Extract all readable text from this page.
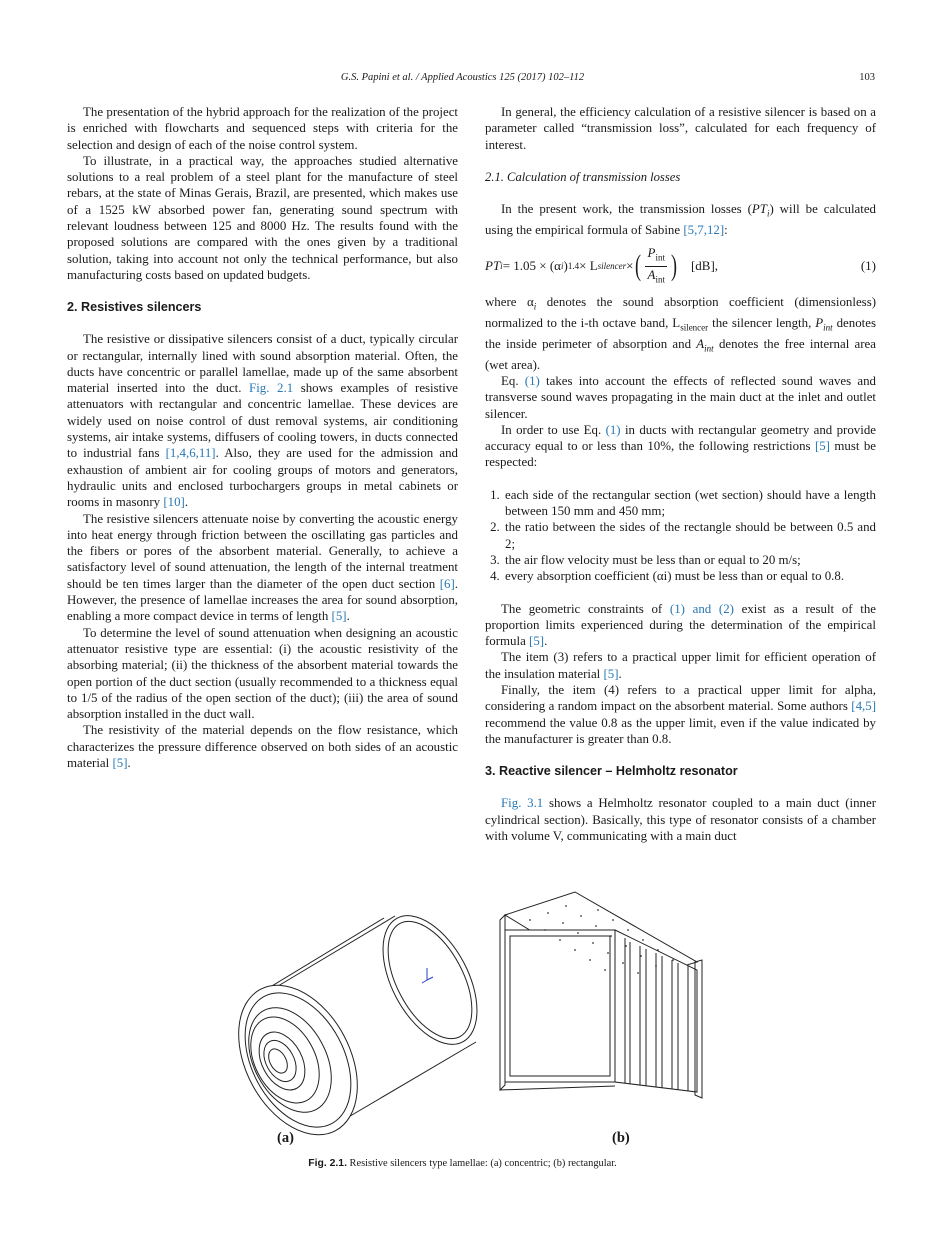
G.S. Papini et al. / Applied Acoustics 125 (2017) 102–112	103

The presentation of the hybrid approach for the realization of the project is enriched with flowcharts and sequenced steps with criteria for the selection and design of each of the noise control system.

To illustrate, in a practical way, the approaches studied alternative solutions to a real problem of a steel plant for the manufacture of steel rebars, at the state of Minas Gerais, Brazil, are presented, which makes use of a 1525 kW absorbed power fan, generating sound spectrum with relevant loudness between 125 and 8000 Hz. The results found with the proposed solutions are compared with the ones given by a traditional solution, taking into account not only the technical performance, but also manufacturing costs based on updated budgets.

2. Resistives silencers

The resistive or dissipative silencers consist of a duct, typically circular or rectangular, internally lined with sound absorption material. Often, the ducts have concentric or parallel lamellae, made up of the same absorbent material inserted into the duct. Fig. 2.1 shows examples of resistive attenuators with rectangular and concentric lamellae. These devices are widely used on noise control of dust removal systems, air conditioning systems, air intake systems, diffusers of cooling towers, in ducts connected to industrial fans [1,4,6,11]. Also, they are used for the admission and exhaustion of ambient air for cooling groups of motors and generators, hydraulic units and enclosed turbochargers groups in metal cabinets or rooms in masonry [10].

The resistive silencers attenuate noise by converting the acoustic energy into heat energy through friction between the oscillating gas particles and the fibers or pores of the absorbent material. Generally, to achieve a satisfactory level of sound attenuation, the length of the internal treatment should be ten times larger than the diameter of the open duct section [6]. However, the presence of lamellae increases the area for sound absorption, enabling a more compact device in terms of length [5].

To determine the level of sound attenuation when designing an acoustic attenuator resistive type are essential: (i) the acoustic resistivity of the absorbing material; (ii) the thickness of the absorbent material towards the open portion of the duct section (usually recommended to a thickness equal to 1/5 of the radius of the open section of the duct); (iii) the area of sound absorption installed in the duct wall.

The resistivity of the material depends on the flow resistance, which characterizes the pressure difference observed on both sides of an acoustic material [5].

In general, the efficiency calculation of a resistive silencer is based on a parameter called “transmission loss”, calculated for each frequency of interest.

2.1. Calculation of transmission losses

In the present work, the transmission losses $(PT_i)$ will be calculated using the empirical formula of Sabine [5,7,12]:

PT i = 1.05 × (α i ) 1.4 × L silencer × ( $\frac{P_{int}}{A_{int}}$ ) [dB],	(1)

where $\alpha_i$ denotes the sound absorption coefficient (dimensionless) normalized to the i-th octave band, $L_{silencer}$ the silencer length, $P_{int}$ denotes the inside perimeter of absorption and $A_{int}$ denotes the free internal area (wet area).

Eq. (1) takes into account the effects of reflected sound waves and transverse sound waves propagating in the main duct at the inlet and outlet silencer.

In order to use Eq. (1) in ducts with rectangular geometry and provide accuracy equal to or less than 10%, the following restrictions [5] must be respected:

1. each side of the rectangular section (wet section) should have a length between 150 mm and 450 mm;
2. the ratio between the sides of the rectangle should be between 0.5 and 2;
3. the air flow velocity must be less than or equal to 20 m/s;
4. every absorption coefficient (αi) must be less than or equal to 0.8.

The geometric constraints of (1) and (2) exist as a result of the proportion limits experienced during the determination of the empirical formula [5].

The item (3) refers to a practical upper limit for efficient operation of the insulation material [5].

Finally, the item (4) refers to a practical upper limit for alpha, considering a random impact on the absorbent material. Some authors [4,5] recommend the value 0.8 as the upper limit, even if the value indicated by the manufacturer is greater than 0.8.

3. Reactive silencer – Helmholtz resonator

Fig. 3.1 shows a Helmholtz resonator coupled to a main duct (inner cylindrical section). Basically, this type of resonator consists of a chamber with volume V, communicating with a main duct

(a)	(b)
Fig. 2.1. Resistive silencers type lamellae: (a) concentric; (b) rectangular.
